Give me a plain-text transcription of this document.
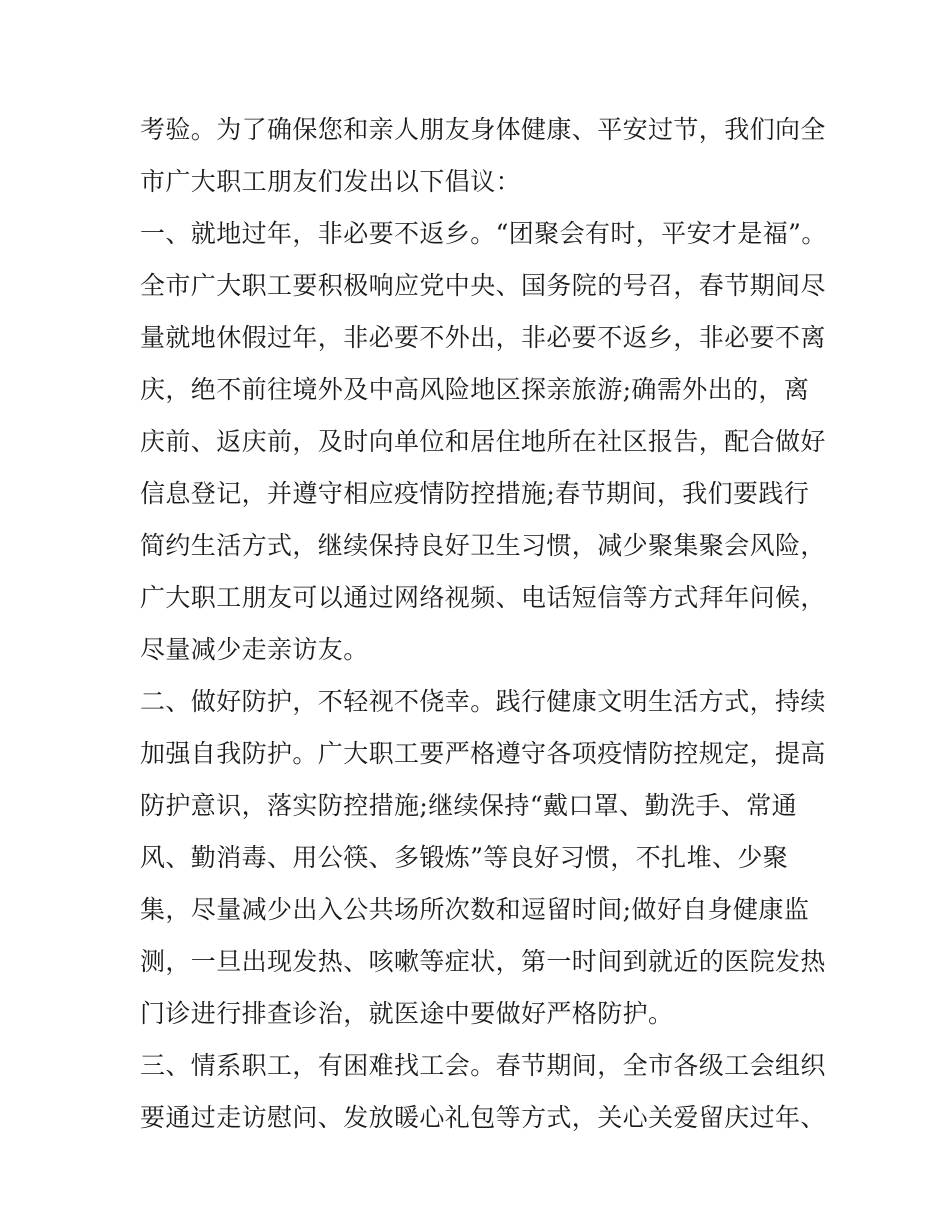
考验。为了确保您和亲人朋友身体健康、平安过节，我们向全
市广大职工朋友们发出以下倡议：
一、就地过年，非必要不返乡。“团聚会有时，平安才是福”。
全市广大职工要积极响应党中央、国务院的号召，春节期间尽
量就地休假过年，非必要不外出，非必要不返乡，非必要不离
庆，绝不前往境外及中高风险地区探亲旅游;确需外出的，离
庆前、返庆前，及时向单位和居住地所在社区报告，配合做好
信息登记，并遵守相应疫情防控措施;春节期间，我们要践行
简约生活方式，继续保持良好卫生习惯，减少聚集聚会风险，
广大职工朋友可以通过网络视频、电话短信等方式拜年问候，
尽量减少走亲访友。
二、做好防护，不轻视不侥幸。践行健康文明生活方式，持续
加强自我防护。广大职工要严格遵守各项疫情防控规定，提高
防护意识，落实防控措施;继续保持“戴口罩、勤洗手、常通
风、勤消毒、用公筷、多锻炼”等良好习惯，不扎堆、少聚
集，尽量减少出入公共场所次数和逗留时间;做好自身健康监
测，一旦出现发热、咳嗽等症状，第一时间到就近的医院发热
门诊进行排查诊治，就医途中要做好严格防护。
三、情系职工，有困难找工会。春节期间，全市各级工会组织
要通过走访慰问、发放暖心礼包等方式，关心关爱留庆过年、
